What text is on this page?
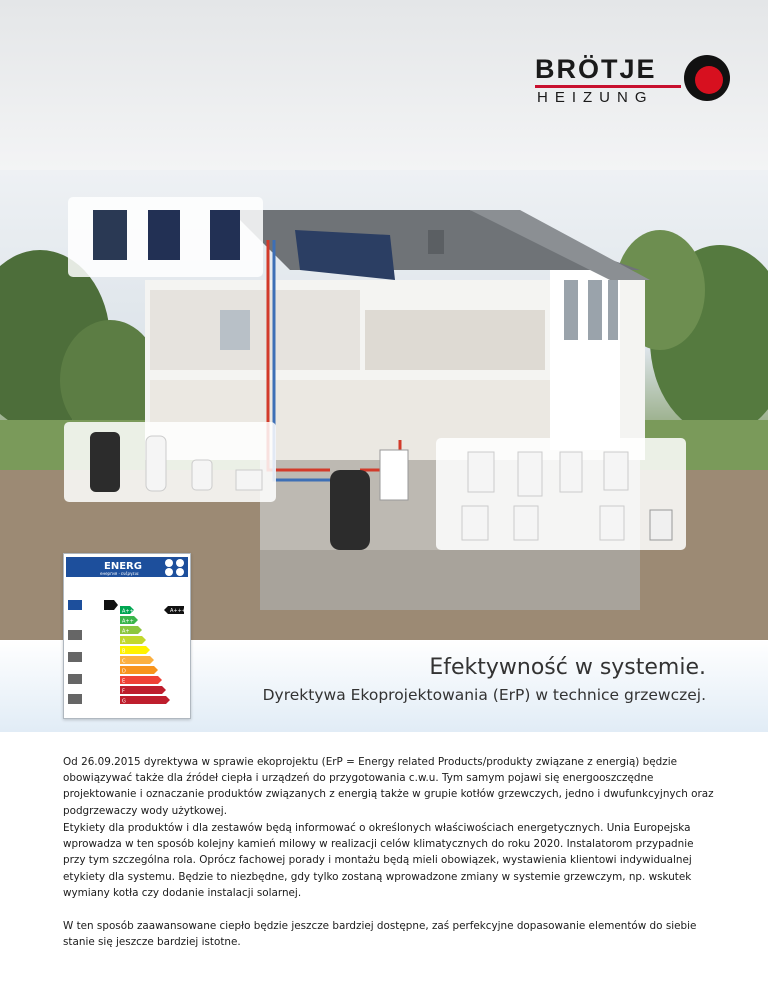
BRÖTJE
HEIZUNG
Efektywność w systemie.
Dyrektywa Ekoprojektowania (ErP) w technice grzewczej.
ENERG
енергия · ενέργεια
A+++
A++
A+
A
B
C
D
E
F
G
A+++

Od 26.09.2015 dyrektywa w sprawie ekoprojektu (ErP = Energy related Products/produkty związane z energią) będzie obowiązywać także dla źródeł ciepła i urządzeń do przygotowania c.w.u. Tym samym pojawi się energooszczędne projektowanie i oznaczanie produktów związanych z energią także w grupie kotłów grzewczych, jedno i dwufunkcyjnych oraz podgrzewaczy wody użytkowej.

Etykiety dla produktów i dla zestawów będą informować o określonych właściwościach energetycznych. Unia Europejska wprowadza w ten sposób kolejny kamień milowy w realizacji celów klimatycznych do roku 2020. Instalatorom przypadnie przy tym szczególna rola. Oprócz fachowej porady i montażu będą mieli obowiązek, wystawienia klientowi indywidualnej etykiety dla systemu. Będzie to niezbędne, gdy tylko zostaną wprowadzone zmiany w systemie grzewczym, np. wskutek wymiany kotła czy dodanie instalacji solarnej.

W ten sposób zaawansowane ciepło będzie jeszcze bardziej dostępne, zaś perfekcyjne dopasowanie elementów do siebie stanie się jeszcze bardziej istotne.
